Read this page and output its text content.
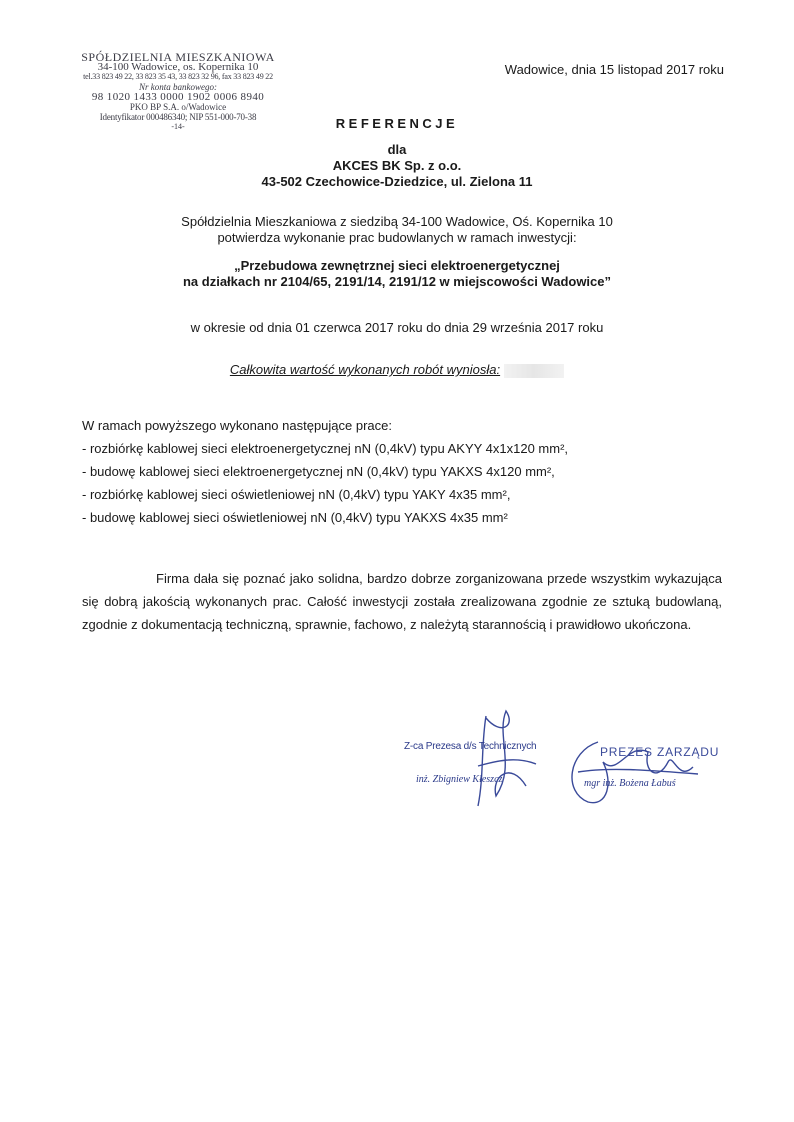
SPÓŁDZIELNIA MIESZKANIOWA
34-100 Wadowice, os. Kopernika 10
tel.33 823 49 22, 33 823 35 43, 33 823 32 96, fax 33 823 49 22
Nr konta bankowego:
98 1020 1433 0000 1902 0006 8940
PKO BP S.A. o/Wadowice
Identyfikator 000486340; NIP 551-000-70-38
-14-
Wadowice, dnia 15 listopad 2017 roku
REFERENCJE
dla
AKCES BK Sp. z o.o.
43-502 Czechowice-Dziedzice, ul. Zielona 11
Spółdzielnia Mieszkaniowa z siedzibą 34-100 Wadowice, Oś. Kopernika 10
potwierdza wykonanie prac budowlanych w ramach inwestycji:
„Przebudowa zewnętrznej sieci elektroenergetycznej
na działkach nr 2104/65, 2191/14, 2191/12 w miejscowości Wadowice”
w okresie od dnia 01 czerwca 2017 roku do dnia 29 września 2017 roku
Całkowita wartość wykonanych robót wyniosła:

W ramach powyższego wykonano następujące prace:

- rozbiórkę kablowej sieci elektroenergetycznej nN (0,4kV) typu AKYY 4x1x120 mm²,

- budowę kablowej sieci elektroenergetycznej nN (0,4kV) typu YAKXS 4x120 mm²,

- rozbiórkę kablowej sieci oświetleniowej nN (0,4kV) typu YAKY 4x35 mm²,

- budowę kablowej sieci oświetleniowej nN (0,4kV) typu YAKXS 4x35 mm²

Firma dała się poznać jako solidna, bardzo dobrze zorganizowana przede wszystkim wykazująca się dobrą jakością wykonanych prac. Całość inwestycji została zrealizowana zgodnie ze sztuką budowlaną, zgodnie z dokumentacją techniczną, sprawnie, fachowo, z należytą starannością i prawidłowo ukończona.
Z-ca Prezesa d/s Technicznych
inż. Zbigniew Kłeszcz
PREZES ZARZĄDU
mgr inż. Bożena Łabuś
